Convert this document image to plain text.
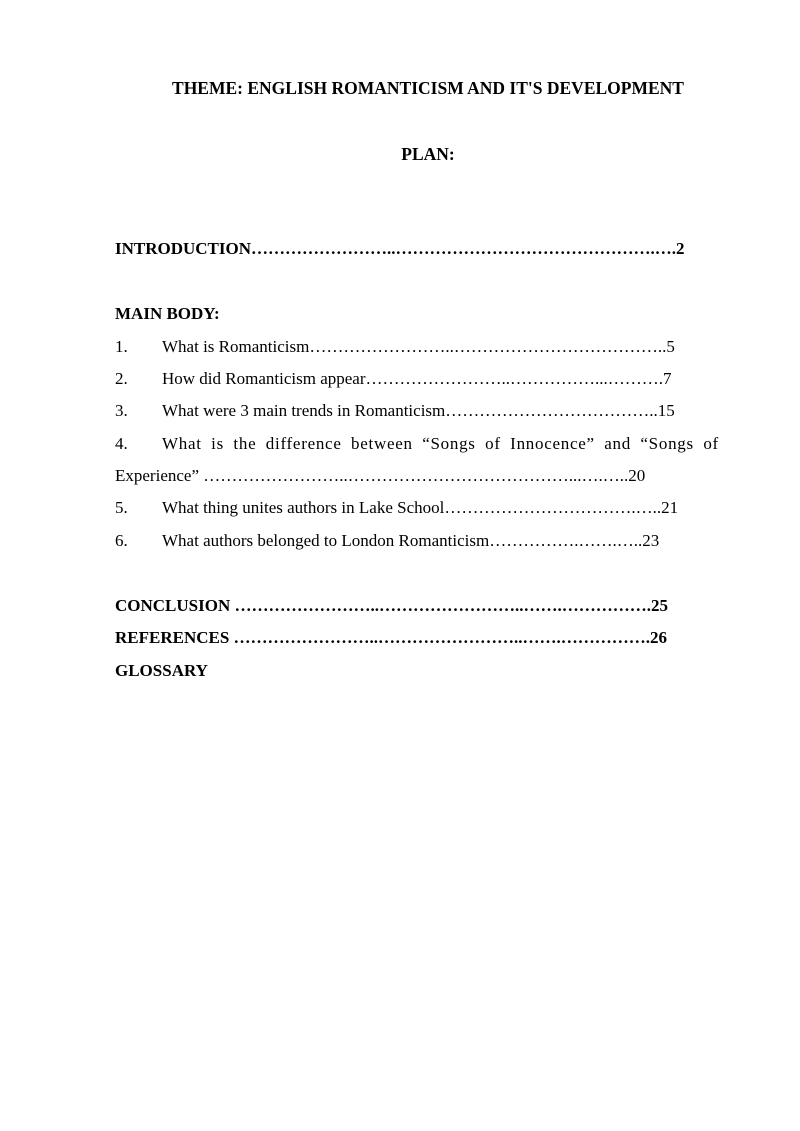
THEME: ENGLISH ROMANTICISM AND IT'S DEVELOPMENT
PLAN:
INTRODUCTION……………………..……………………………………….….2
MAIN BODY:
1. What is Romanticism……………………..………………………………..5
2. How did Romanticism appear……………………..……………...……….7
3. What were 3 main trends in Romanticism………………………………..15
4. What is the difference between “Songs of Innocence” and “Songs of
Experience” ……………………..…………………………………...….…..20
5. What thing unites authors in Lake School…………………………….…..21
6. What authors belonged to London Romanticism…………….…….…..23
CONCLUSION ……………………..……………………..…….…………….25
REFERENCES ……………………..……………………..…….…………….26
GLOSSARY
